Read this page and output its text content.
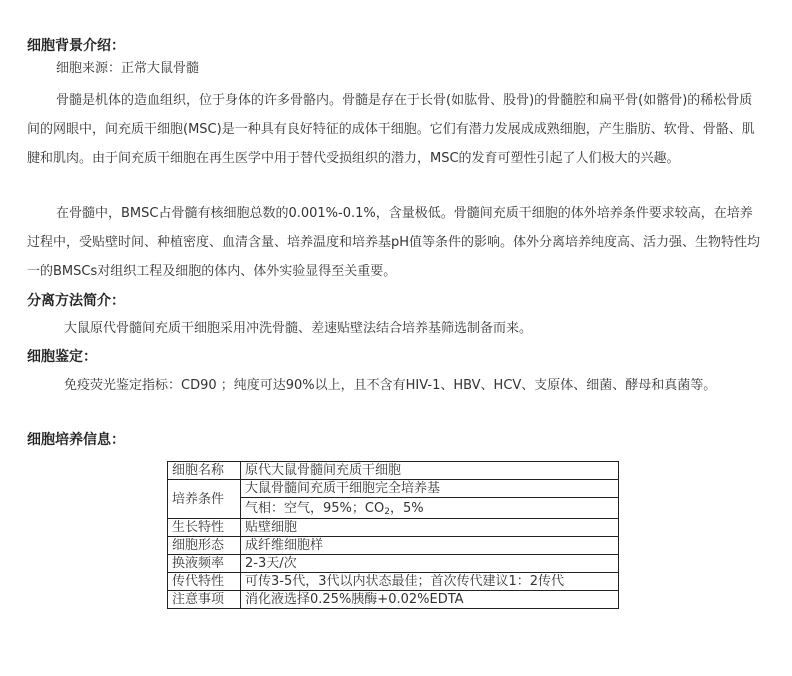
细胞背景介绍：

细胞来源：正常大鼠骨髓

骨髓是机体的造血组织，位于身体的许多骨骼内。骨髓是存在于长骨(如肱骨、股骨)的骨髓腔和扁平骨(如髂骨)的稀松骨质间的网眼中，间充质干细胞(MSC)是一种具有良好特征的成体干细胞。它们有潜力发展成成熟细胞，产生脂肪、软骨、骨骼、肌腱和肌肉。由于间充质干细胞在再生医学中用于替代受损组织的潜力，MSC的发育可塑性引起了人们极大的兴趣。

在骨髓中，BMSC占骨髓有核细胞总数的0.001%-0.1%，含量极低。骨髓间充质干细胞的体外培养条件要求较高，在培养过程中，受贴壁时间、种植密度、血清含量、培养温度和培养基pH值等条件的影响。体外分离培养纯度高、活力强、生物特性均一的BMSCs对组织工程及细胞的体内、体外实验显得至关重要。

分离方法简介：

大鼠原代骨髓间充质干细胞采用冲洗骨髓、差速贴壁法结合培养基筛选制备而来。

细胞鉴定：

免疫荧光鉴定指标：CD90 ；纯度可达90%以上，且不含有HIV-1、HBV、HCV、支原体、细菌、酵母和真菌等。

细胞培养信息：

细胞名称	原代大鼠骨髓间充质干细胞
培养条件	大鼠骨髓间充质干细胞完全培养基
	气相：空气，95%；$CO_2$，5%
生长特性	贴壁细胞
细胞形态	成纤维细胞样
换液频率	2-3天/次
传代特性	可传3-5代，3代以内状态最佳；首次传代建议1：2传代
注意事项	消化液选择0.25%胰酶+0.02%EDTA
